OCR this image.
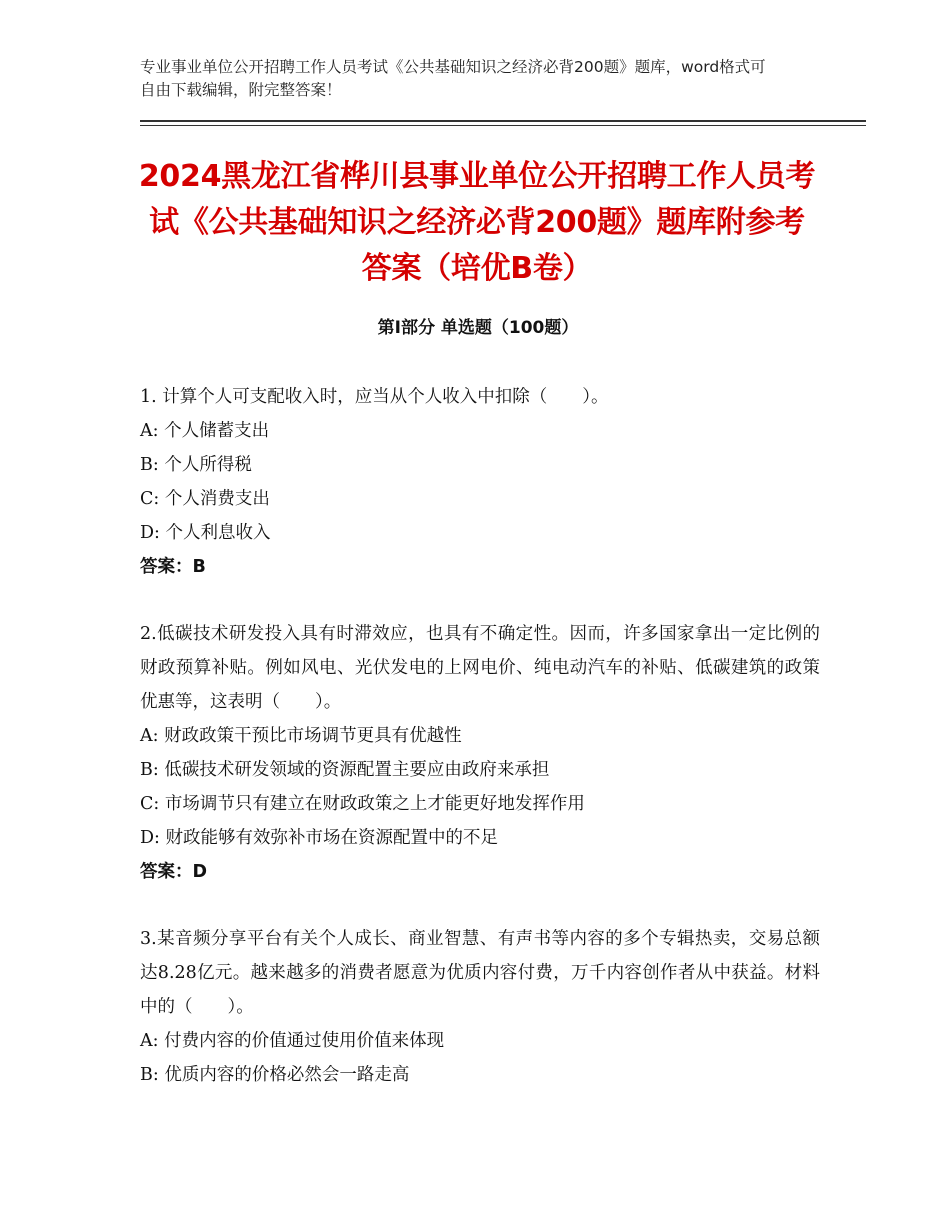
专业事业单位公开招聘工作人员考试《公共基础知识之经济必背200题》题库，word格式可自由下载编辑，附完整答案！
2024黑龙江省桦川县事业单位公开招聘工作人员考试《公共基础知识之经济必背200题》题库附参考答案（培优B卷）
第Ⅰ部分 单选题（100题）

1. 计算个人可支配收入时，应当从个人收入中扣除（　　）。

A: 个人储蓄支出

B: 个人所得税

C: 个人消费支出

D: 个人利息收入

答案：B

2.低碳技术研发投入具有时滞效应，也具有不确定性。因而，许多国家拿出一定比例的财政预算补贴。例如风电、光伏发电的上网电价、纯电动汽车的补贴、低碳建筑的政策优惠等，这表明（　　）。

A: 财政政策干预比市场调节更具有优越性

B: 低碳技术研发领域的资源配置主要应由政府来承担

C: 市场调节只有建立在财政政策之上才能更好地发挥作用

D: 财政能够有效弥补市场在资源配置中的不足

答案：D

3.某音频分享平台有关个人成长、商业智慧、有声书等内容的多个专辑热卖，交易总额达8.28亿元。越来越多的消费者愿意为优质内容付费，万千内容创作者从中获益。材料中的（　　）。

A: 付费内容的价值通过使用价值来体现

B: 优质内容的价格必然会一路走高
